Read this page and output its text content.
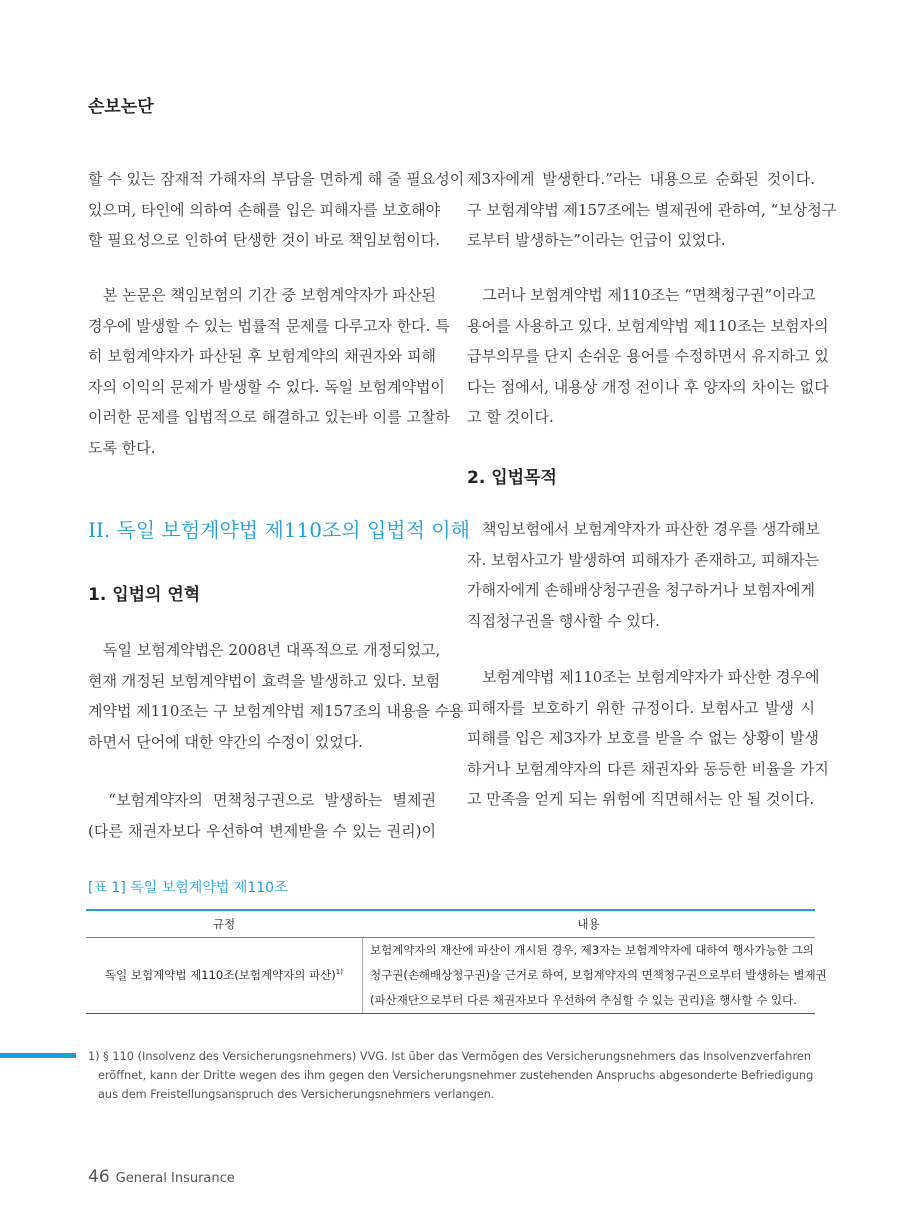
손보논단
할 수 있는 잠재적 가해자의 부담을 면하게 해 줄 필요성이
있으며, 타인에 의하여 손해를 입은 피해자를 보호해야
할 필요성으로 인하여 탄생한 것이 바로 책임보험이다.
　본 논문은 책임보험의 기간 중 보험계약자가 파산된
경우에 발생할 수 있는 법률적 문제를 다루고자 한다. 특
히 보험계약자가 파산된 후 보험계약의 채권자와 피해
자의 이익의 문제가 발생할 수 있다. 독일 보험계약법이
이러한 문제를 입법적으로 해결하고 있는바 이를 고찰하
도록 한다.
II. 독일 보험계약법 제110조의 입법적 이해
1. 입법의 연혁
　독일 보험계약법은 2008년 대폭적으로 개정되었고,
현재 개정된 보험계약법이 효력을 발생하고 있다. 보험
계약법 제110조는 구 보험계약법 제157조의 내용을 수용
하면서 단어에 대한 약간의 수정이 있었다.
　“보험계약자의 면책청구권으로 발생하는 별제권
(다른 채권자보다 우선하여 변제받을 수 있는 권리)이
제3자에게 발생한다.”라는 내용으로 순화된 것이다.
구 보험계약법 제157조에는 별제권에 관하여, “보상청구
로부터 발생하는”이라는 언급이 있었다.
　그러나 보험계약법 제110조는 “면책청구권”이라고
용어를 사용하고 있다. 보험계약법 제110조는 보험자의
급부의무를 단지 손쉬운 용어를 수정하면서 유지하고 있
다는 점에서, 내용상 개정 전이나 후 양자의 차이는 없다
고 할 것이다.
2. 입법목적
　책임보험에서 보험계약자가 파산한 경우를 생각해보
자. 보험사고가 발생하여 피해자가 존재하고, 피해자는
가해자에게 손해배상청구권을 청구하거나 보험자에게
직접청구권을 행사할 수 있다.
　보험계약법 제110조는 보험계약자가 파산한 경우에
피해자를 보호하기 위한 규정이다. 보험사고 발생 시
피해를 입은 제3자가 보호를 받을 수 없는 상황이 발생
하거나 보험계약자의 다른 채권자와 동등한 비율을 가지
고 만족을 얻게 되는 위험에 직면해서는 안 될 것이다.
[표 1] 독일 보험계약법 제110조
규정	내용
독일 보험계약법 제110조(보험계약자의 파산)$^{1)}$
보험계약자의 재산에 파산이 개시된 경우, 제3자는 보험계약자에 대하여 행사가능한 그의
청구권(손해배상청구권)을 근거로 하여, 보험계약자의 면책청구권으로부터 발생하는 별제권
(파산재단으로부터 다른 채권자보다 우선하여 추심할 수 있는 권리)을 행사할 수 있다.
1) § 110 (Insolvenz des Versicherungsnehmers) VVG. Ist ü̇ber das Vermö̇gen des Versicherungsnehmers das Insolvenzverfahren
erö̇ffnet, kann der Dritte wegen des ihm gegen den Versicherungsnehmer zustehenden Anspruchs abgesonderte Befriedigung
aus dem Freistellungsanspruch des Versicherungsnehmers verlangen.
46 General Insurance
